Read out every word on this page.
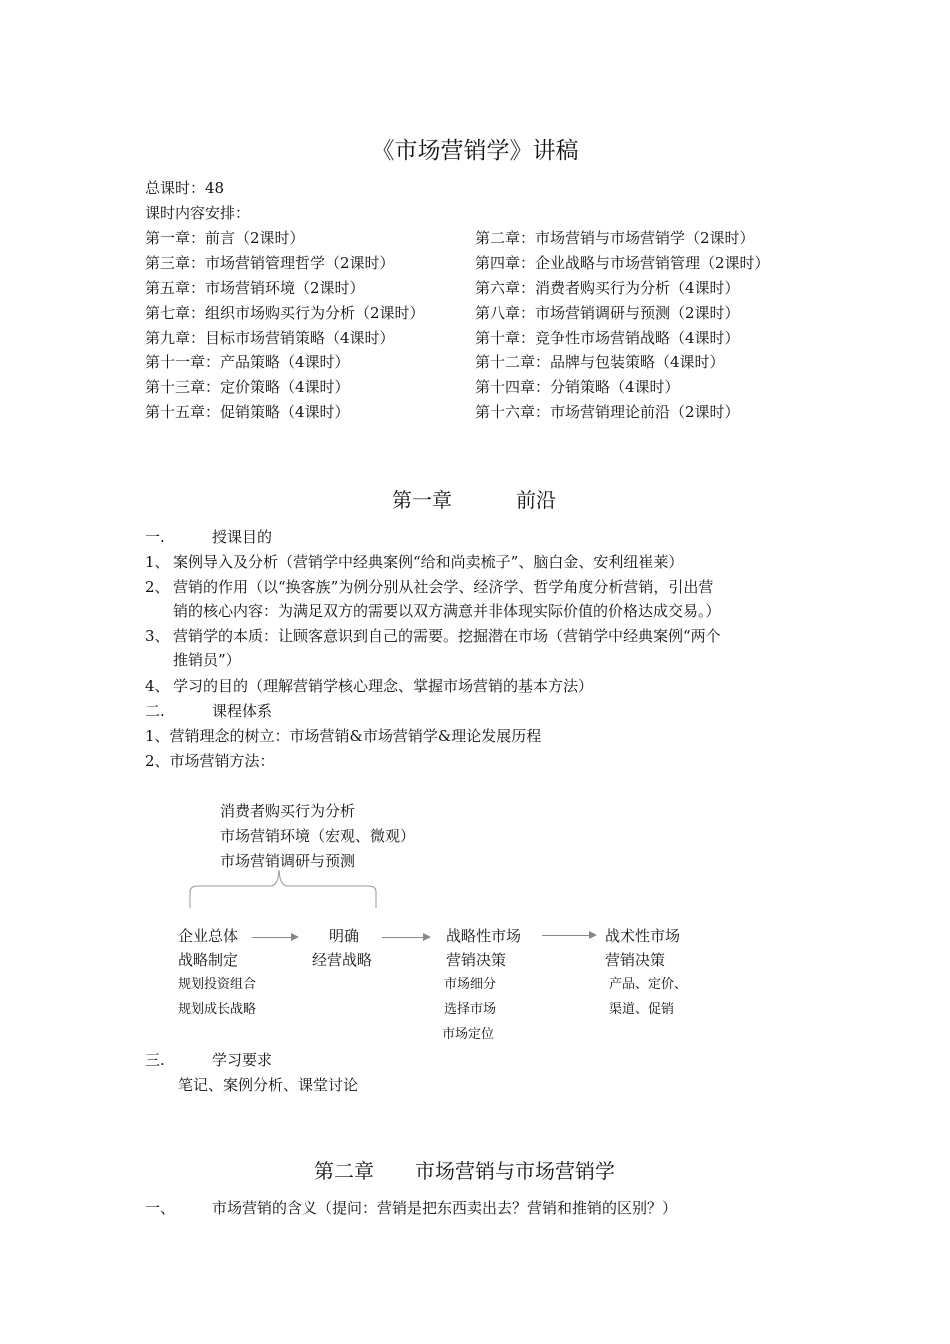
《市场营销学》讲稿
总课时：48
课时内容安排：
第一章：前言（2课时）	第二章：市场营销与市场营销学（2课时）
第三章：市场营销管理哲学（2课时）	第四章：企业战略与市场营销管理（2课时）
第五章：市场营销环境（2课时）	第六章：消费者购买行为分析（4课时）
第七章：组织市场购买行为分析（2课时）	第八章：市场营销调研与预测（2课时）
第九章：目标市场营销策略（4课时）	第十章：竞争性市场营销战略（4课时）
第十一章：产品策略（4课时）	第十二章：品牌与包装策略（4课时）
第十三章：定价策略（4课时）	第十四章：分销策略（4课时）
第十五章：促销策略（4课时）	第十六章：市场营销理论前沿（2课时）
第一章	前沿
一.	授课目的
1、 案例导入及分析（营销学中经典案例“给和尚卖梳子”、脑白金、安利纽崔莱）
2、 营销的作用（以“换客族”为例分别从社会学、经济学、哲学角度分析营销，引出营
销的核心内容：为满足双方的需要以双方满意并非体现实际价值的价格达成交易。）
3、 营销学的本质：让顾客意识到自己的需要。挖掘潜在市场（营销学中经典案例“两个
推销员”）
4、 学习的目的（理解营销学核心理念、掌握市场营销的基本方法）
二.	课程体系
1、营销理念的树立：市场营销&市场营销学&理论发展历程
2、市场营销方法：
消费者购买行为分析
市场营销环境（宏观、微观）
市场营销调研与预测
企业总体
战略制定
规划投资组合
规划成长战略
明确
经营战略
战略性市场
营销决策
市场细分
选择市场
市场定位
战术性市场
营销决策
产品、定价、
渠道、促销
三.	学习要求
笔记、案例分析、课堂讨论
第二章 市场营销与市场营销学
一、 市场营销的含义（提问：营销是把东西卖出去？营销和推销的区别？）
